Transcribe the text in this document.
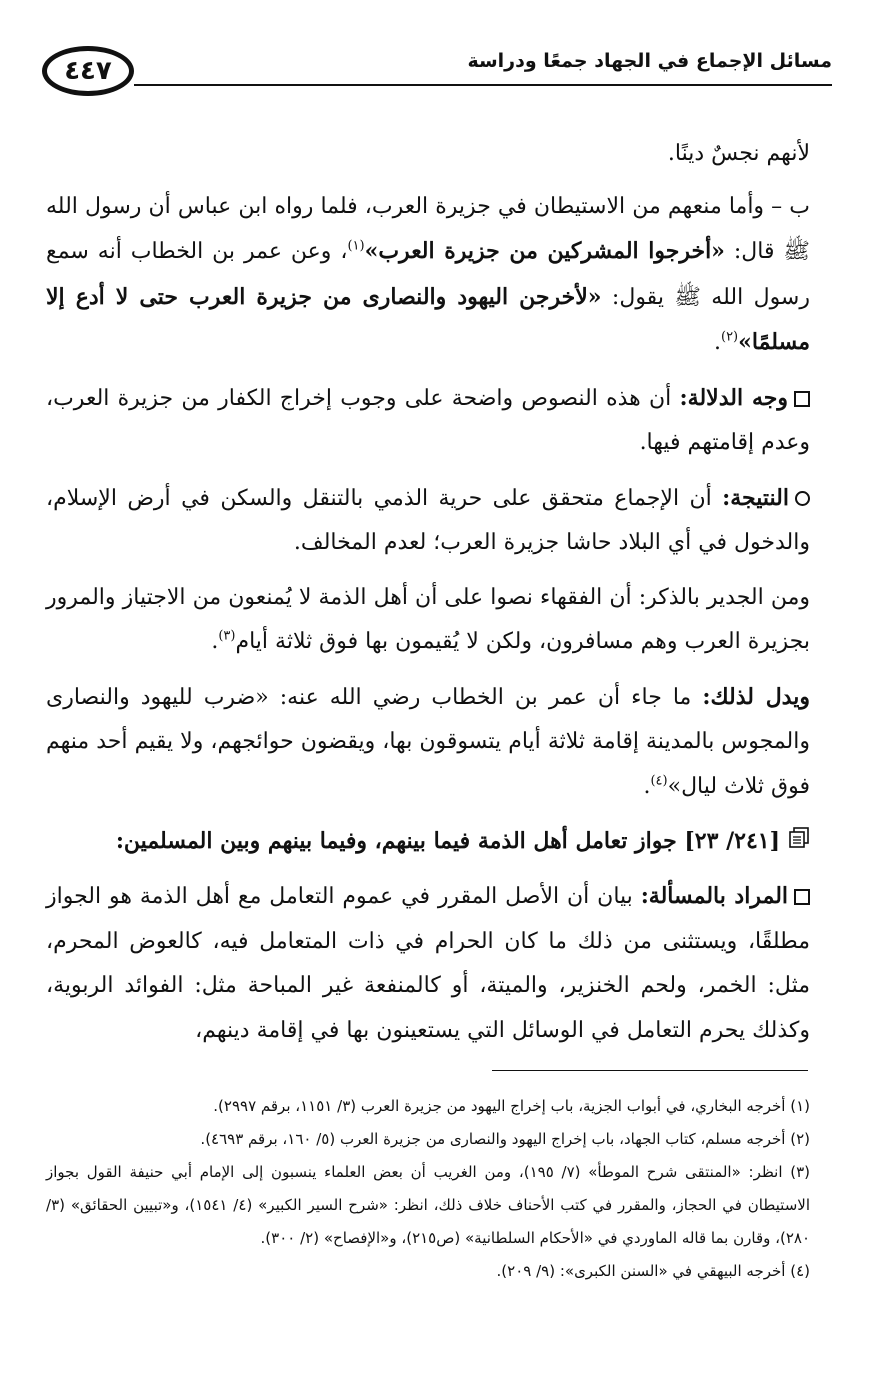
٤٤٧	مسائل الإجماع في الجهاد جمعًا ودراسة

لأنهم نجسٌ دينًا.

ب – وأما منعهم من الاستيطان في جزيرة العرب، فلما رواه ابن عباس أن رسول الله ﷺ قال: «أخرجوا المشركين من جزيرة العرب»$^{(١)}$، وعن عمر بن الخطاب أنه سمع رسول الله ﷺ يقول: «لأخرجن اليهود والنصارى من جزيرة العرب حتى لا أدع إلا مسلمًا»$^{(٢)}$.

وجه الدلالة: أن هذه النصوص واضحة على وجوب إخراج الكفار من جزيرة العرب، وعدم إقامتهم فيها.

النتيجة: أن الإجماع متحقق على حرية الذمي بالتنقل والسكن في أرض الإسلام، والدخول في أي البلاد حاشا جزيرة العرب؛ لعدم المخالف.

ومن الجدير بالذكر: أن الفقهاء نصوا على أن أهل الذمة لا يُمنعون من الاجتياز والمرور بجزيرة العرب وهم مسافرون، ولكن لا يُقيمون بها فوق ثلاثة أيام$^{(٣)}$.

ويدل لذلك: ما جاء أن عمر بن الخطاب رضي الله عنه: «ضرب لليهود والنصارى والمجوس بالمدينة إقامة ثلاثة أيام يتسوقون بها، ويقضون حوائجهم، ولا يقيم أحد منهم فوق ثلاث ليال»$^{(٤)}$.

[٢٤١/ ٢٣] جواز تعامل أهل الذمة فيما بينهم، وفيما بينهم وبين المسلمين:

المراد بالمسألة: بيان أن الأصل المقرر في عموم التعامل مع أهل الذمة هو الجواز مطلقًا، ويستثنى من ذلك ما كان الحرام في ذات المتعامل فيه، كالعوض المحرم، مثل: الخمر، ولحم الخنزير، والميتة، أو كالمنفعة غير المباحة مثل: الفوائد الربوية، وكذلك يحرم التعامل في الوسائل التي يستعينون بها في إقامة دينهم،

(١) أخرجه البخاري، في أبواب الجزية، باب إخراج اليهود من جزيرة العرب (٣/ ١١٥١، برقم ٢٩٩٧).

(٢) أخرجه مسلم، كتاب الجهاد، باب إخراج اليهود والنصارى من جزيرة العرب (٥/ ١٦٠، برقم ٤٦٩٣).

(٣) انظر: «المنتقى شرح الموطأ» (٧/ ١٩٥)، ومن الغريب أن بعض العلماء ينسبون إلى الإمام أبي حنيفة القول بجواز الاستيطان في الحجاز، والمقرر في كتب الأحناف خلاف ذلك، انظر: «شرح السير الكبير» (٤/ ١٥٤١)، و«تبيين الحقائق» (٣/ ٢٨٠)، وقارن بما قاله الماوردي في «الأحكام السلطانية» (ص٢١٥)، و«الإفصاح» (٢/ ٣٠٠).

(٤) أخرجه البيهقي في «السنن الكبرى»: (٩/ ٢٠٩).
